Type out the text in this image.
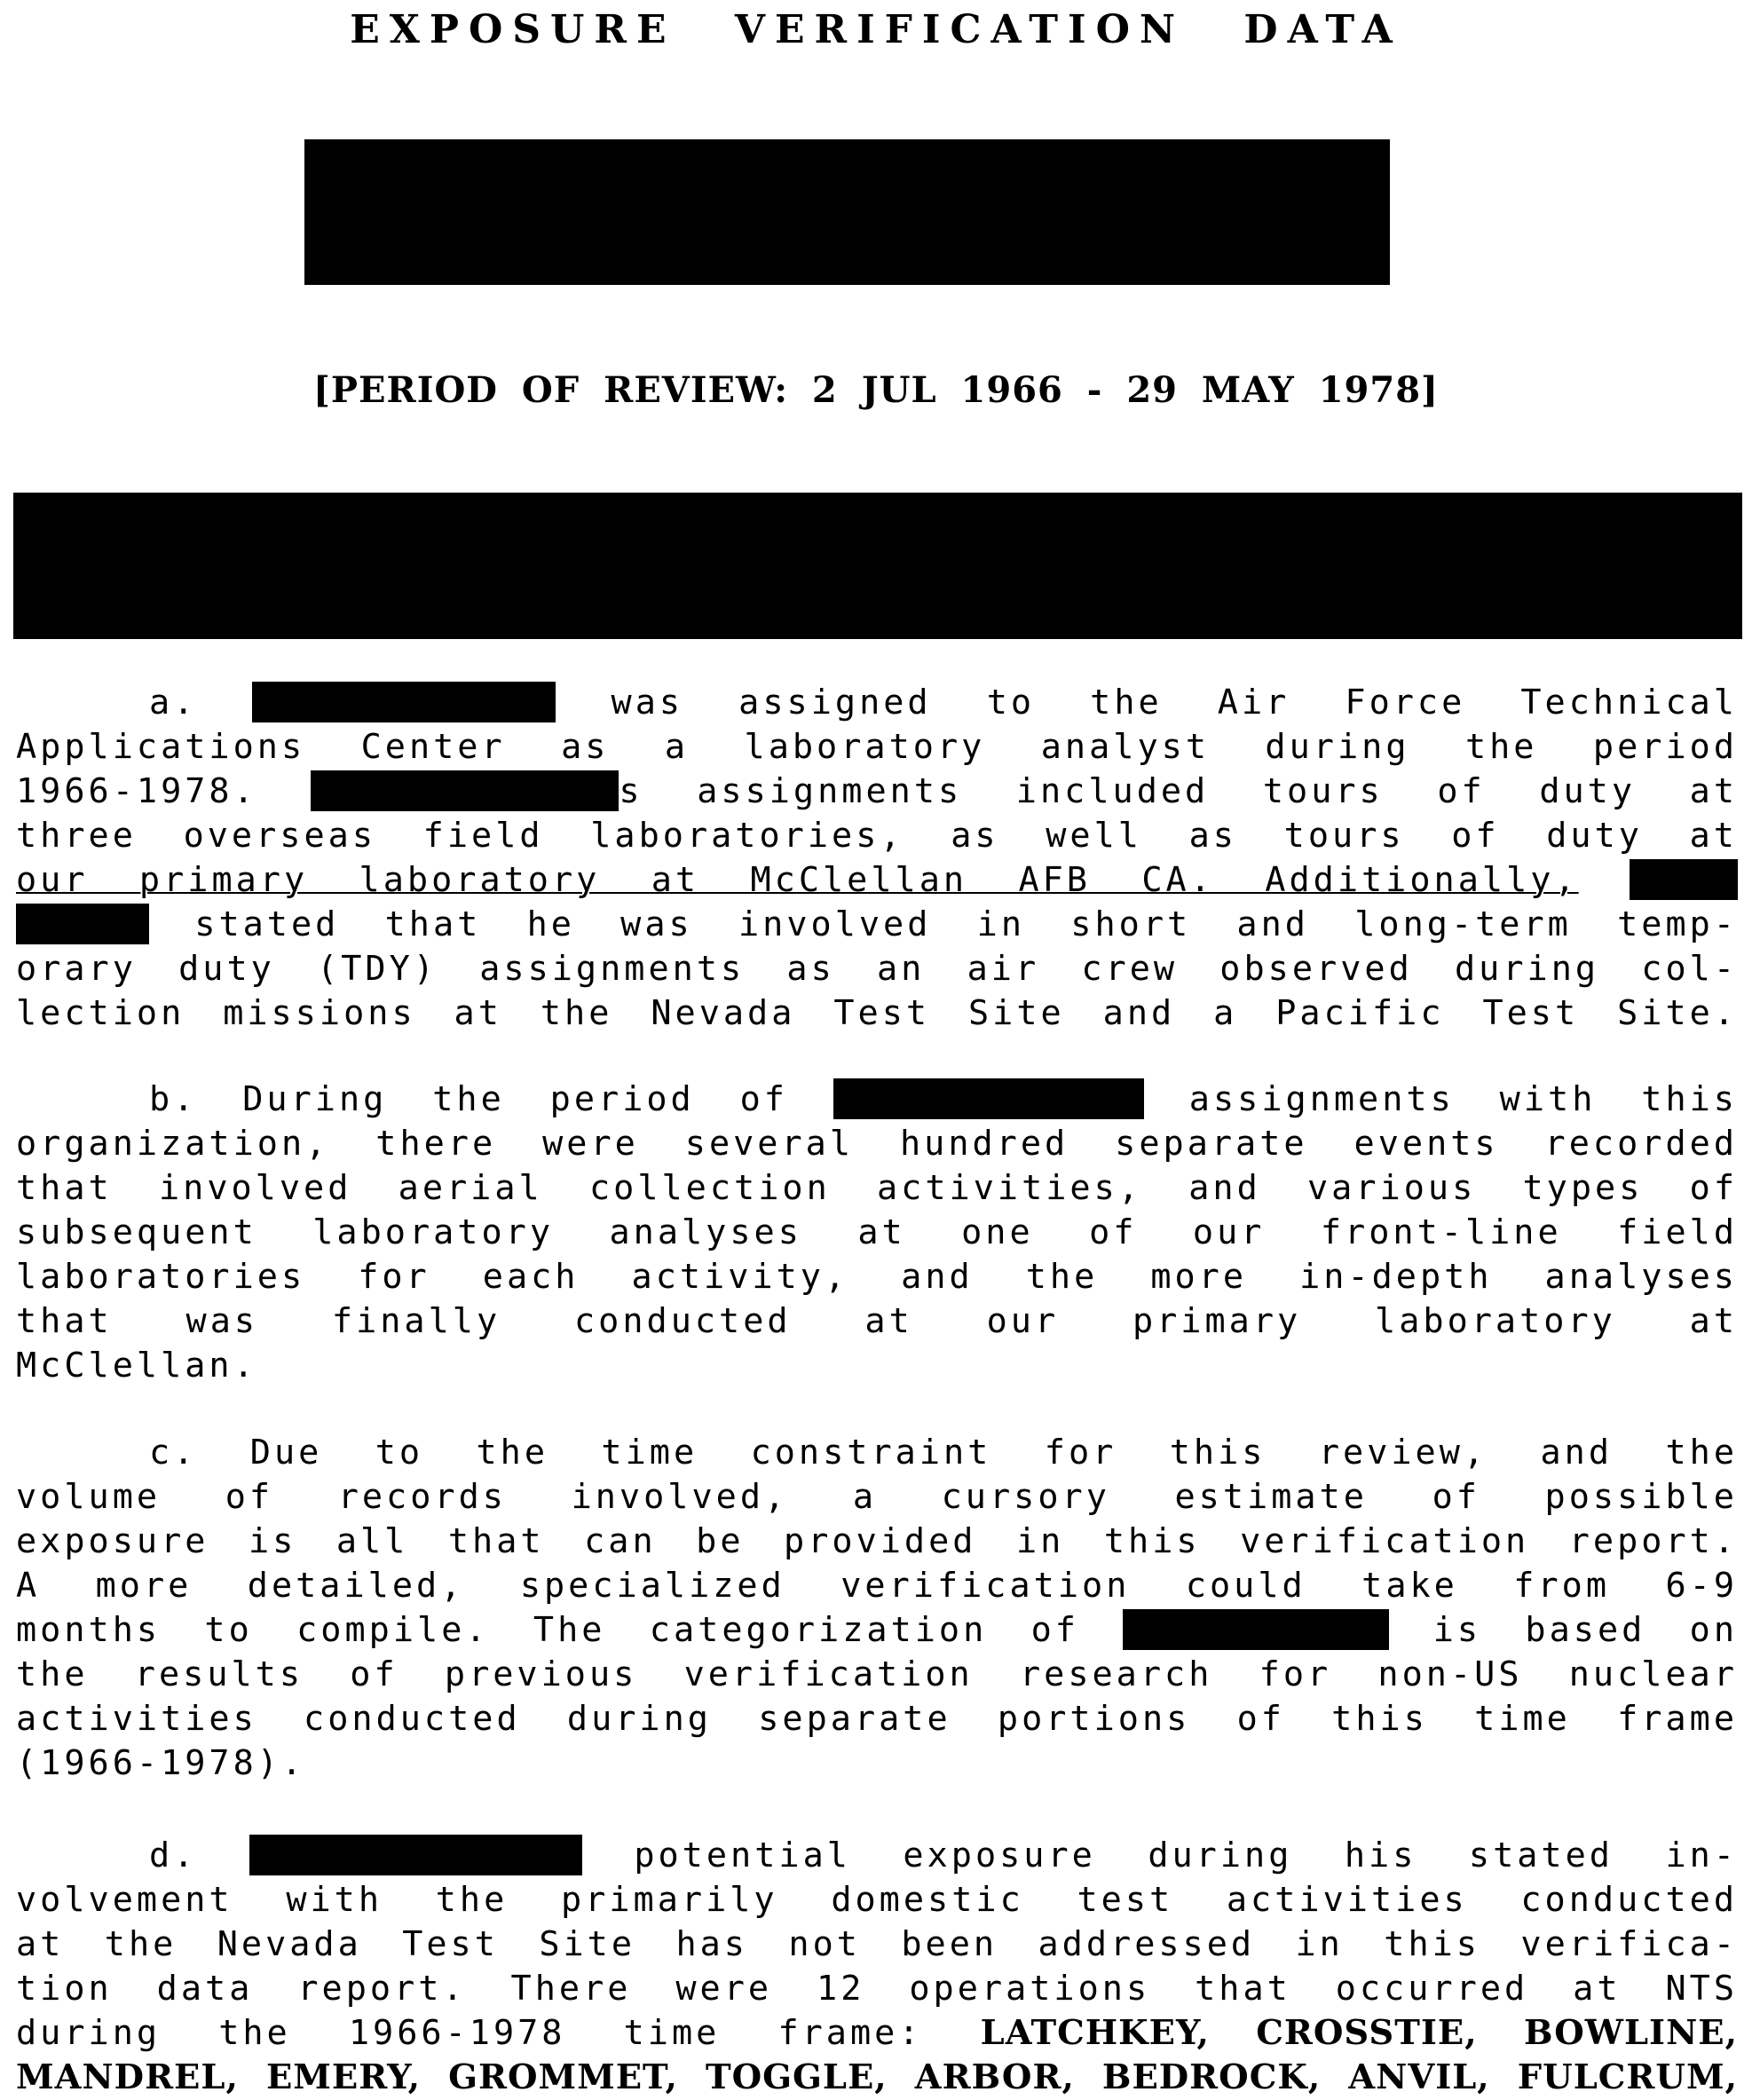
EXPOSURE VERIFICATION DATA
[PERIOD OF REVIEW: 2 JUL 1966 - 29 MAY 1978]
a.	was assigned to the Air Force Technical
Applications Center as a laboratory analyst during the period
1966-1978.	s assignments included tours of duty at
three overseas field laboratories, as well as tours of duty at
our primary laboratory at McClellan AFB CA. Additionally,
stated that he was involved in short and long-term temp-
orary duty (TDY) assignments as an air crew observed during col-
lection missions at the Nevada Test Site and a Pacific Test Site.
b. During the period of	assignments with this
organization, there were several hundred separate events recorded
that involved aerial collection activities, and various types of
subsequent laboratory analyses at one of our front-line field
laboratories for each activity, and the more in-depth analyses
that was finally conducted at our primary laboratory at
McClellan.
c. Due to the time constraint for this review, and the
volume of records involved, a cursory estimate of possible
exposure is all that can be provided in this verification report.
A more detailed, specialized verification could take from 6-9
months to compile. The categorization of	is based on
the results of previous verification research for non-US nuclear
activities conducted during separate portions of this time frame
(1966-1978).
d.	potential exposure during his stated in-
volvement with the primarily domestic test activities conducted
at the Nevada Test Site has not been addressed in this verifica-
tion data report. There were 12 operations that occurred at NTS
during the 1966-1978 time frame: LATCHKEY, CROSSTIE, BOWLINE,
MANDREL, EMERY, GROMMET, TOGGLE, ARBOR, BEDROCK, ANVIL, FULCRUM,
